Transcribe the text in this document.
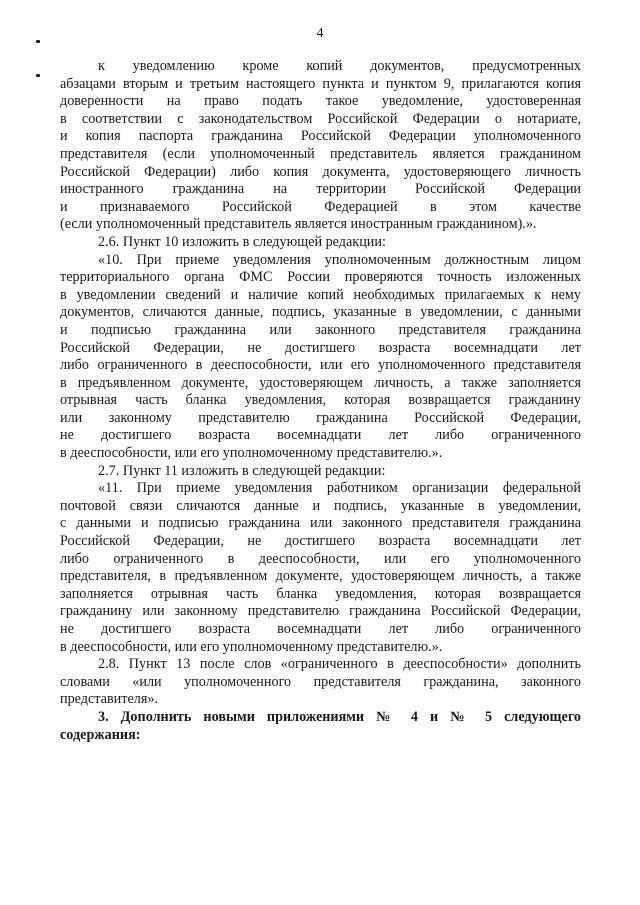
4
к уведомлению кроме копий документов, предусмотренных
абзацами вторым и третьим настоящего пункта и пунктом 9, прилагаются копия
доверенности на право подать такое уведомление, удостоверенная
в соответствии с законодательством Российской Федерации о нотариате,
и копия паспорта гражданина Российской Федерации уполномоченного
представителя (если уполномоченный представитель является гражданином
Российской Федерации) либо копия документа, удостоверяющего личность
иностранного гражданина на территории Российской Федерации
и признаваемого Российской Федерацией в этом качестве
(если уполномоченный представитель является иностранным гражданином).».
2.6. Пункт 10 изложить в следующей редакции:
«10. При приеме уведомления уполномоченным должностным лицом
территориального органа ФМС России проверяются точность изложенных
в уведомлении сведений и наличие копий необходимых прилагаемых к нему
документов, сличаются данные, подпись, указанные в уведомлении, с данными
и подписью гражданина или законного представителя гражданина
Российской Федерации, не достигшего возраста восемнадцати лет
либо ограниченного в дееспособности, или его уполномоченного представителя
в предъявленном документе, удостоверяющем личность, а также заполняется
отрывная часть бланка уведомления, которая возвращается гражданину
или законному представителю гражданина Российской Федерации,
не достигшего возраста восемнадцати лет либо ограниченного
в дееспособности, или его уполномоченному представителю.».
2.7. Пункт 11 изложить в следующей редакции:
«11. При приеме уведомления работником организации федеральной
почтовой связи сличаются данные и подпись, указанные в уведомлении,
с данными и подписью гражданина или законного представителя гражданина
Российской Федерации, не достигшего возраста восемнадцати лет
либо ограниченного в дееспособности, или его уполномоченного
представителя, в предъявленном документе, удостоверяющем личность, а также
заполняется отрывная часть бланка уведомления, которая возвращается
гражданину или законному представителю гражданина Российской Федерации,
не достигшего возраста восемнадцати лет либо ограниченного
в дееспособности, или его уполномоченному представителю.».
2.8. Пункт 13 после слов «ограниченного в дееспособности» дополнить
словами «или уполномоченного представителя гражданина, законного
представителя».
3. Дополнить новыми приложениями № 4 и № 5 следующего
содержания:
